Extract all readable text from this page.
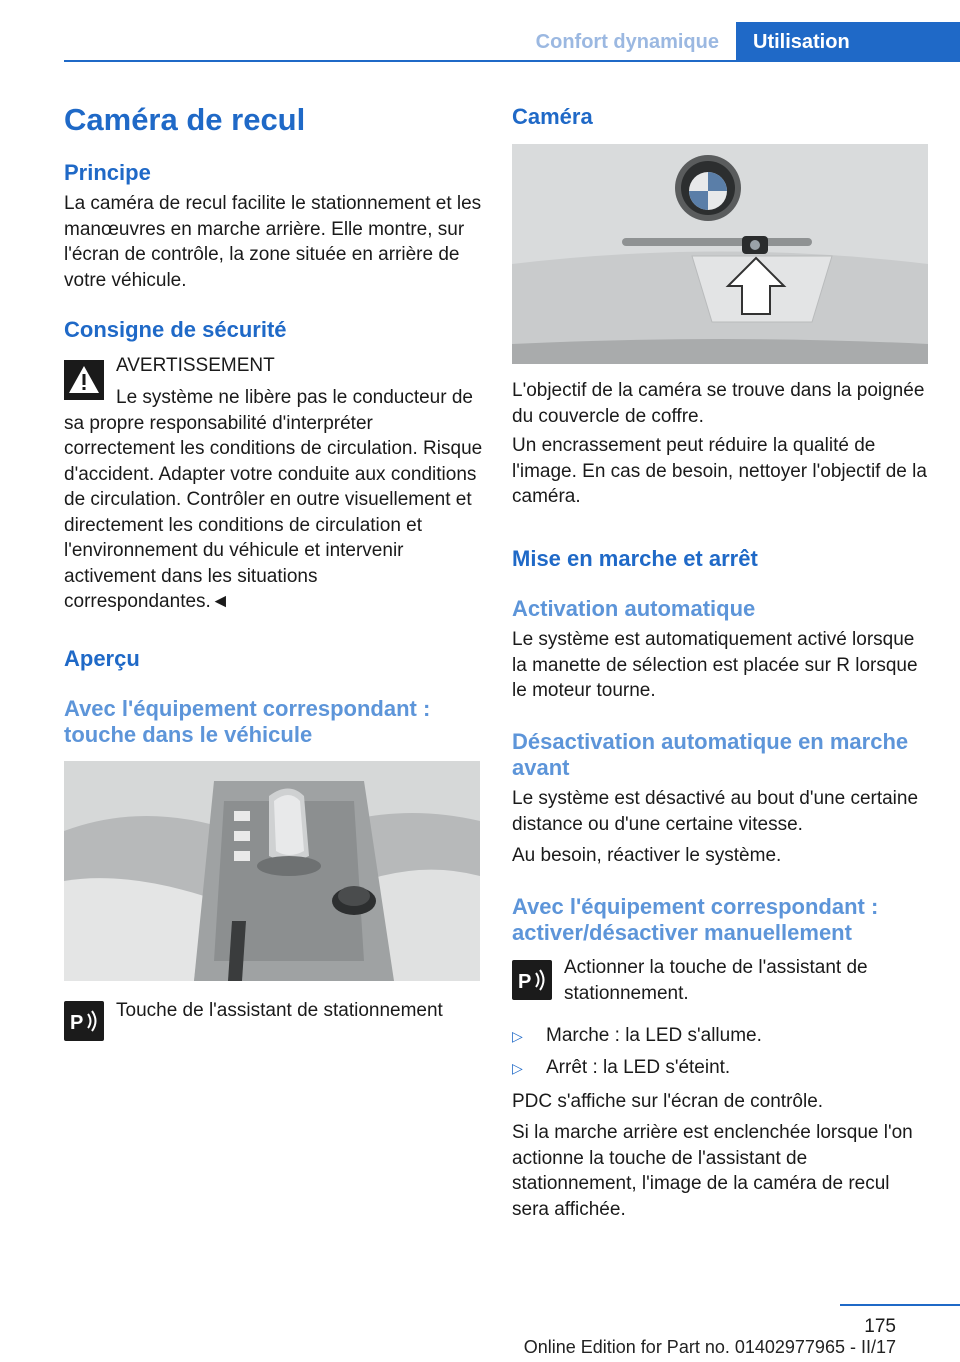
Confort dynamique	Utilisation
Caméra de recul
Principe

La caméra de recul facilite le stationnement et les manœuvres en marche arrière. Elle montre, sur l'écran de contrôle, la zone située en arrière de votre véhicule.

Consigne de sécurité
AVERTISSEMENT
Le système ne libère pas le conducteur de sa propre responsabilité d'interpréter correctement les conditions de circulation. Risque d'accident. Adapter votre conduite aux conditions de circulation. Contrôler en outre visuellement et directement les conditions de circulation et l'environnement du véhicule et intervenir activement dans les situations correspondantes.◄
Aperçu
Avec l'équipement correspondant : touche dans le véhicule
P
Touche de l'assistant de stationnement
Caméra

L'objectif de la caméra se trouve dans la poignée du couvercle de coffre.

Un encrassement peut réduire la qualité de l'image. En cas de besoin, nettoyer l'objectif de la caméra.

Mise en marche et arrêt
Activation automatique

Le système est automatiquement activé lorsque la manette de sélection est placée sur R lorsque le moteur tourne.

Désactivation automatique en marche avant

Le système est désactivé au bout d'une certaine distance ou d'une certaine vitesse.

Au besoin, réactiver le système.

Avec l'équipement correspondant : activer/désactiver manuellement
P

Actionner la touche de l'assistant de stationnement.

▷ Marche : la LED s'allume.
▷ Arrêt : la LED s'éteint.

PDC s'affiche sur l'écran de contrôle.

Si la marche arrière est enclenchée lorsque l'on actionne la touche de l'assistant de stationnement, l'image de la caméra de recul sera affichée.

175
Online Edition for Part no. 01402977965 - II/17
